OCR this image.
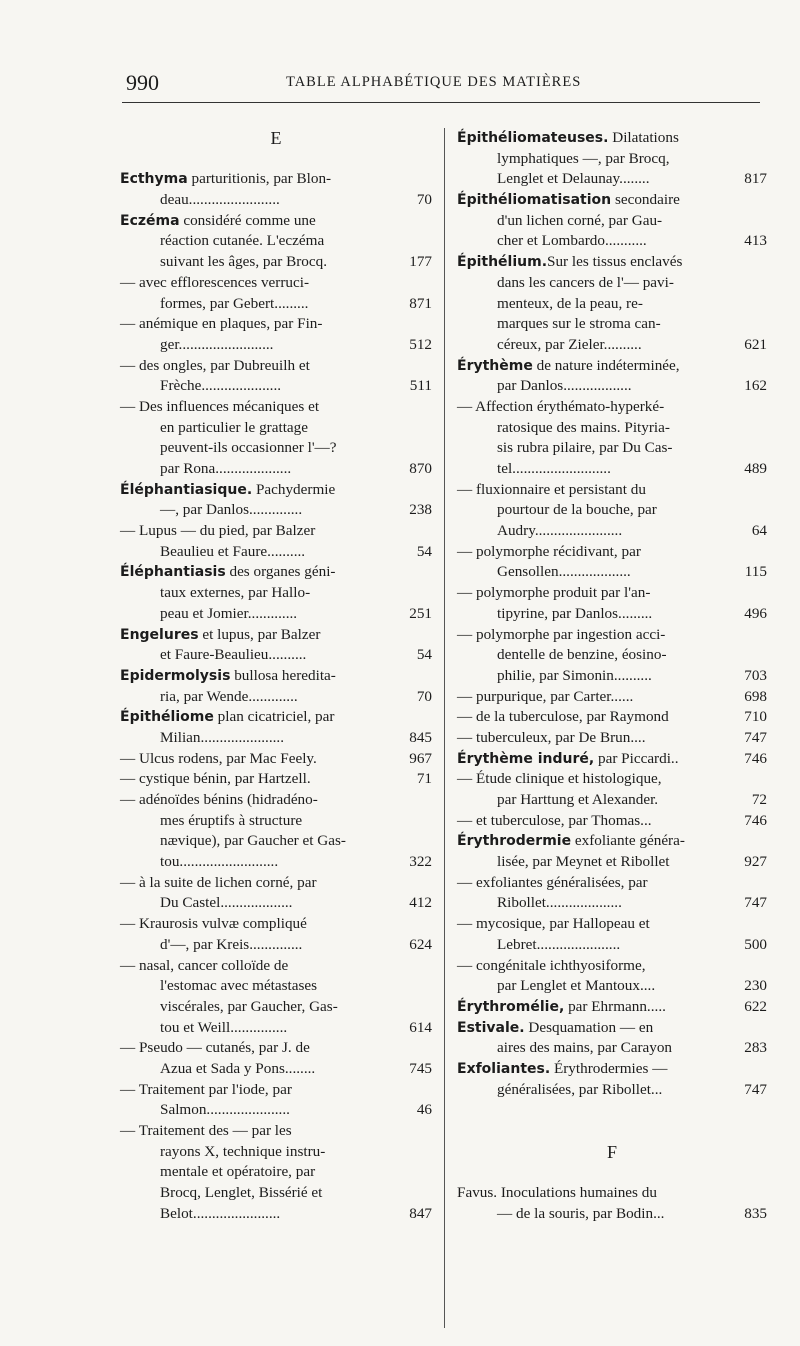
990	TABLE ALPHABÉTIQUE DES MATIÈRES
E
Ecthyma parturitionis, par Blon-
deau........................	70
Eczéma considéré comme une
réaction cutanée. L'eczéma
suivant les âges, par Brocq.	177
— avec efflorescences verruci-
formes, par Gebert.........	871
— anémique en plaques, par Fin-
ger.........................	512
— des ongles, par Dubreuilh et
Frèche.....................	511
— Des influences mécaniques et
en particulier le grattage
peuvent-ils occasionner l'—?
par Rona....................	870
Éléphantiasique. Pachydermie
—, par Danlos..............	238
— Lupus — du pied, par Balzer
Beaulieu et Faure..........	54
Éléphantiasis des organes géni-
taux externes, par Hallo-
peau et Jomier.............	251
Engelures et lupus, par Balzer
et Faure-Beaulieu..........	54
Epidermolysis bullosa heredita-
ria, par Wende.............	70
Épithéliome plan cicatriciel, par
Milian......................	845
— Ulcus rodens, par Mac Feely.	967
— cystique bénin, par Hartzell.	71
— adénoïdes bénins (hidradéno-
mes éruptifs à structure
nævique), par Gaucher et Gas-
tou..........................	322
— à la suite de lichen corné, par
Du Castel...................	412
— Kraurosis vulvæ compliqué
d'—, par Kreis..............	624
— nasal, cancer colloïde de
l'estomac avec métastases
viscérales, par Gaucher, Gas-
tou et Weill...............	614
— Pseudo — cutanés, par J. de
Azua et Sada y Pons........	745
— Traitement par l'iode, par
Salmon......................	46
— Traitement des — par les
rayons X, technique instru-
mentale et opératoire, par
Brocq, Lenglet, Bissérié et
Belot.......................	847
Épithéliomateuses. Dilatations
lymphatiques —, par Brocq,
Lenglet et Delaunay........	817
Épithéliomatisation secondaire
d'un lichen corné, par Gau-
cher et Lombardo...........	413
Épithélium.Sur les tissus enclavés
dans les cancers de l'— pavi-
menteux, de la peau, re-
marques sur le stroma can-
céreux, par Zieler..........	621
Érythème de nature indéterminée,
par Danlos..................	162
— Affection érythémato-hyperké-
ratosique des mains. Pityria-
sis rubra pilaire, par Du Cas-
tel..........................	489
— fluxionnaire et persistant du
pourtour de la bouche, par
Audry.......................	64
— polymorphe récidivant, par
Gensollen...................	115
— polymorphe produit par l'an-
tipyrine, par Danlos.........	496
— polymorphe par ingestion acci-
dentelle de benzine, éosino-
philie, par Simonin..........	703
— purpurique, par Carter......	698
— de la tuberculose, par Raymond	710
— tuberculeux, par De Brun....	747
Érythème induré, par Piccardi..	746
— Étude clinique et histologique,
par Harttung et Alexander.	72
— et tuberculose, par Thomas...	746
Érythrodermie exfoliante généra-
lisée, par Meynet et Ribollet	927
— exfoliantes généralisées, par
Ribollet....................	747
— mycosique, par Hallopeau et
Lebret......................	500
— congénitale ichthyosiforme,
par Lenglet et Mantoux....	230
Érythromélie, par Ehrmann.....	622
Estivale. Desquamation — en
aires des mains, par Carayon	283
Exfoliantes. Érythrodermies —
généralisées, par Ribollet...	747
F
Favus. Inoculations humaines du
— de la souris, par Bodin...	835
